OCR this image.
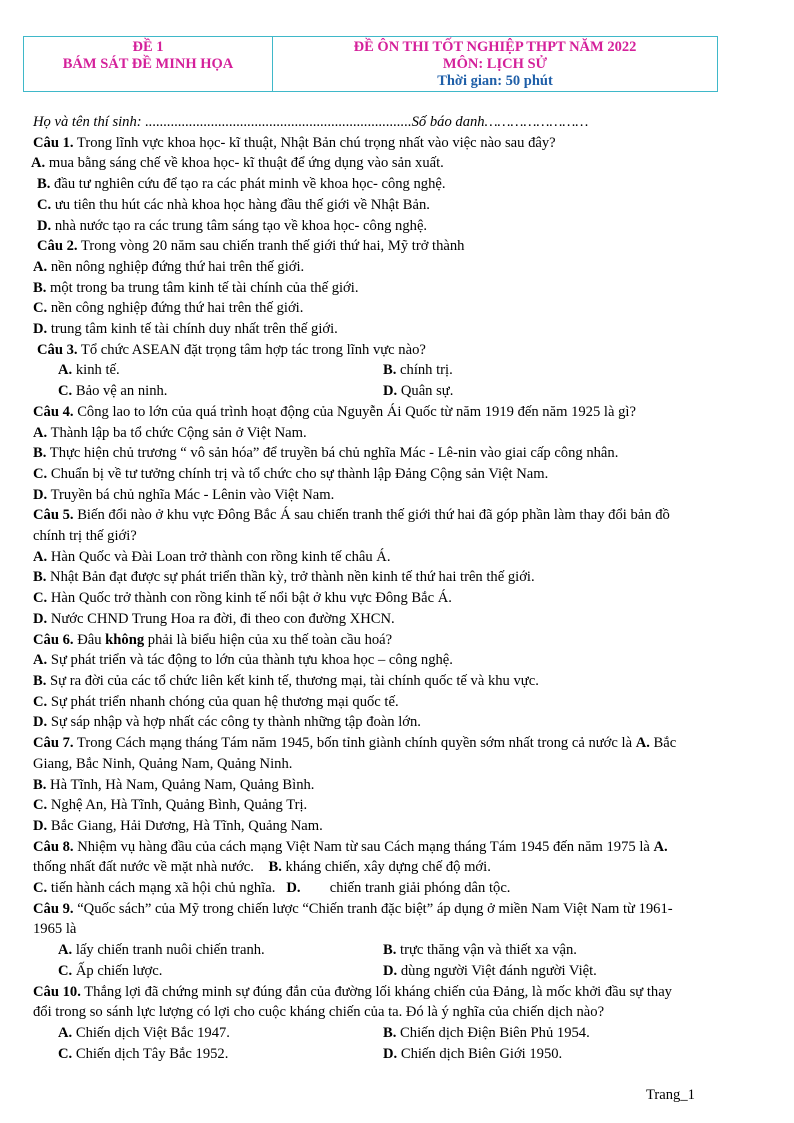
ĐỀ 1
BÁM SÁT ĐỀ MINH HỌA
ĐỀ ÔN THI TỐT NGHIỆP THPT NĂM 2022
MÔN: LỊCH SỬ
Thời gian: 50 phút
Họ và tên thí sinh: .........................................................................Số báo danh……………………
Câu 1. Trong lĩnh vực khoa học- kĩ thuật, Nhật Bản chú trọng nhất vào việc nào sau đây?
A. mua bằng sáng chế về khoa học- kĩ thuật để ứng dụng vào sản xuất.
B. đầu tư nghiên cứu để tạo ra các phát minh về khoa học- công nghệ.
C. ưu tiên thu hút các nhà khoa học hàng đầu thế giới về Nhật Bản.
D. nhà nước tạo ra các trung tâm sáng tạo về khoa học- công nghệ.
Câu 2. Trong vòng 20 năm sau chiến tranh thế giới thứ hai, Mỹ trở thành
A. nền nông nghiệp đứng thứ hai trên thế giới.
B. một trong ba trung tâm kinh tế tài chính của thế giới.
C. nền công nghiệp đứng thứ hai trên thế giới.
D. trung tâm kinh tế tài chính duy nhất trên thế giới.
Câu 3. Tổ chức ASEAN đặt trọng tâm hợp tác trong lĩnh vực nào?
A. kinh tế.	B. chính trị.
C. Bảo vệ an ninh.	D. Quân sự.
Câu 4. Công lao to lớn của quá trình hoạt động của Nguyễn Ái Quốc từ năm 1919 đến năm 1925 là gì?
A. Thành lập ba tổ chức Cộng sản ở Việt Nam.
B. Thực hiện chủ trương “ vô sản hóa” để truyền bá chủ nghĩa Mác - Lê-nin vào giai cấp công nhân.
C. Chuẩn bị về tư tưởng chính trị và tổ chức cho sự thành lập Đảng Cộng sản Việt Nam.
D. Truyền bá chủ nghĩa Mác - Lênin vào Việt Nam.
Câu 5. Biến đổi nào ở khu vực Đông Bắc Á sau chiến tranh thế giới thứ hai đã góp phần làm thay đổi bản đồ
chính trị thế giới?
A. Hàn Quốc và Đài Loan trở thành con rồng kinh tế châu Á.
B. Nhật Bản đạt được sự phát triển thần kỳ, trở thành nền kinh tế thứ hai trên thế giới.
C. Hàn Quốc trở thành con rồng kinh tế nổi bật ở khu vực Đông Bắc Á.
D. Nước CHND Trung Hoa ra đời, đi theo con đường XHCN.
Câu 6. Đâu không phải là biểu hiện của xu thế toàn cầu hoá?
A. Sự phát triển và tác động to lớn của thành tựu khoa học – công nghệ.
B. Sự ra đời của các tổ chức liên kết kinh tế, thương mại, tài chính quốc tế và khu vực.
C. Sự phát triển nhanh chóng của quan hệ thương mại quốc tế.
D. Sự sáp nhập và hợp nhất các công ty thành những tập đoàn lớn.
Câu 7. Trong Cách mạng tháng Tám năm 1945, bốn tỉnh giành chính quyền sớm nhất trong cả nước là A. Bắc
Giang, Bắc Ninh, Quảng Nam, Quảng Ninh.
B. Hà Tĩnh, Hà Nam, Quảng Nam, Quảng Bình.
C. Nghệ An, Hà Tĩnh, Quảng Bình, Quảng Trị.
D. Bắc Giang, Hải Dương, Hà Tĩnh, Quảng Nam.
Câu 8. Nhiệm vụ hàng đầu của cách mạng Việt Nam từ sau Cách mạng tháng Tám 1945 đến năm 1975 là A.
thống nhất đất nước về mặt nhà nước. B. kháng chiến, xây dựng chế độ mới.
C. tiến hành cách mạng xã hội chủ nghĩa. D.        chiến tranh giải phóng dân tộc.
Câu 9. “Quốc sách” của Mỹ trong chiến lược “Chiến tranh đặc biệt” áp dụng ở miền Nam Việt Nam từ 1961-
1965 là
A. lấy chiến tranh nuôi chiến tranh.	B. trực thăng vận và thiết xa vận.
C. Ấp chiến lược.	D. dùng người Việt đánh người Việt.
Câu 10. Thắng lợi đã chứng minh sự đúng đắn của đường lối kháng chiến của Đảng, là mốc khởi đầu sự thay
đổi trong so sánh lực lượng có lợi cho cuộc kháng chiến của ta. Đó là ý nghĩa của chiến dịch nào?
A. Chiến dịch Việt Bắc 1947.	B. Chiến dịch Điện Biên Phủ 1954.
C. Chiến dịch Tây Bắc 1952.	D. Chiến dịch Biên Giới 1950.
Trang_1
